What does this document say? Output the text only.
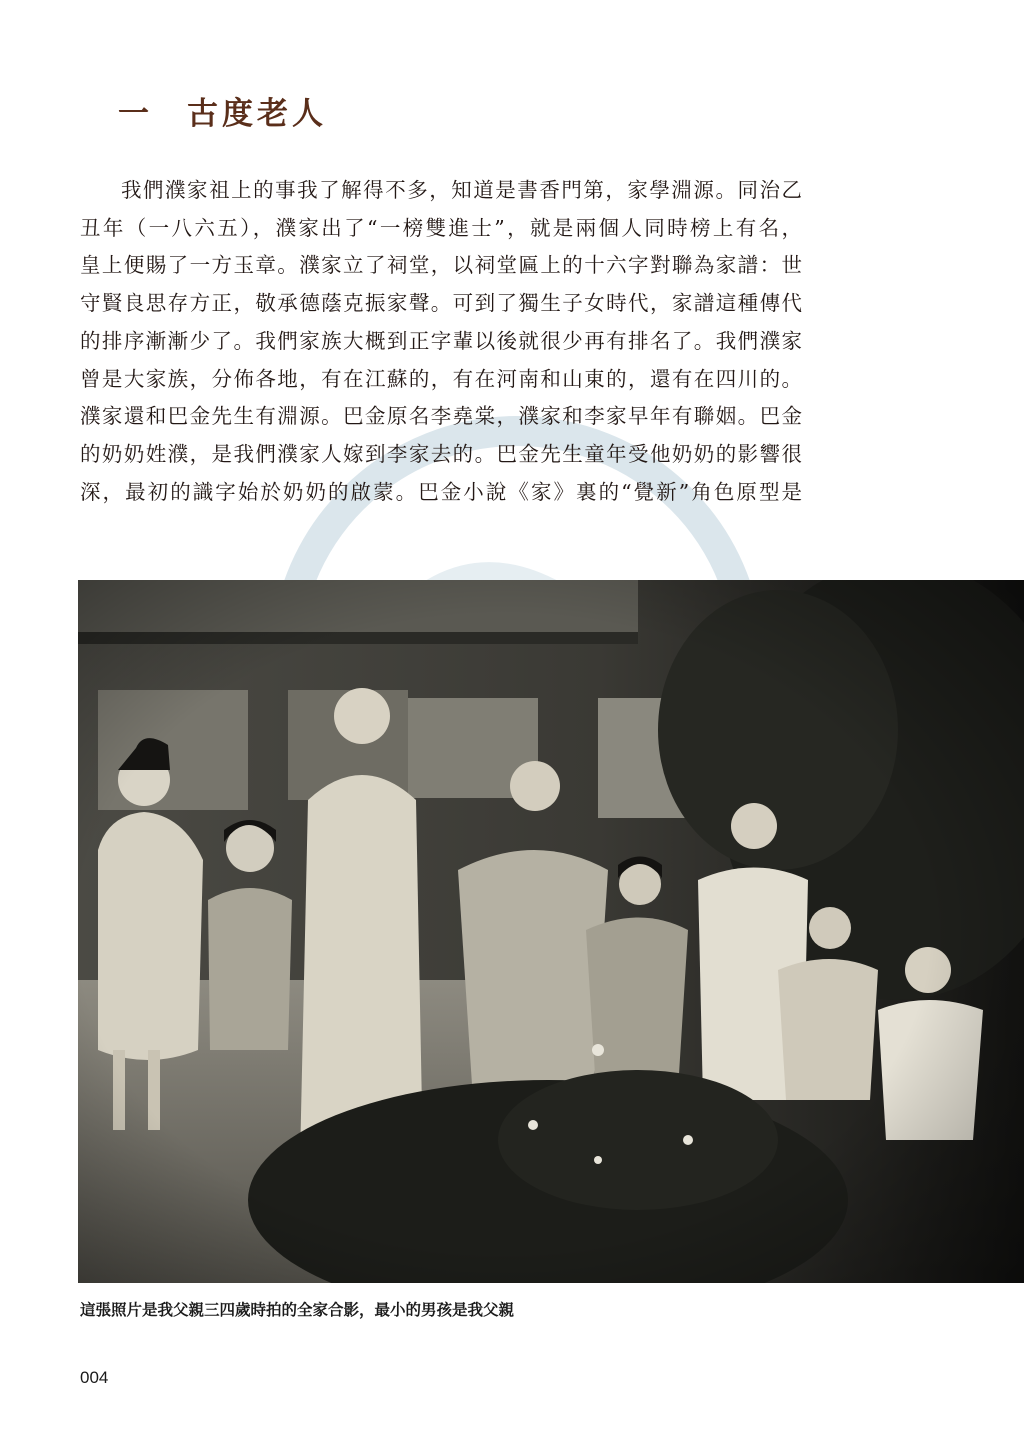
一 古度老人

我們濮家祖上的事我了解得不多，知道是書香門第，家學淵源。同治乙
丑年（一八六五），濮家出了“一榜雙進士”，就是兩個人同時榜上有名，
皇上便賜了一方玉章。濮家立了祠堂，以祠堂匾上的十六字對聯為家譜：世
守賢良思存方正，敬承德蔭克振家聲。可到了獨生子女時代，家譜這種傳代
的排序漸漸少了。我們家族大概到正字輩以後就很少再有排名了。我們濮家
曾是大家族，分佈各地，有在江蘇的，有在河南和山東的，還有在四川的。
濮家還和巴金先生有淵源。巴金原名李堯棠，濮家和李家早年有聯姻。巴金
的奶奶姓濮，是我們濮家人嫁到李家去的。巴金先生童年受他奶奶的影響很
深，最初的識字始於奶奶的啟蒙。巴金小說《家》裏的“覺新”角色原型是

這張照片是我父親三四歲時拍的全家合影，最小的男孩是我父親

004
